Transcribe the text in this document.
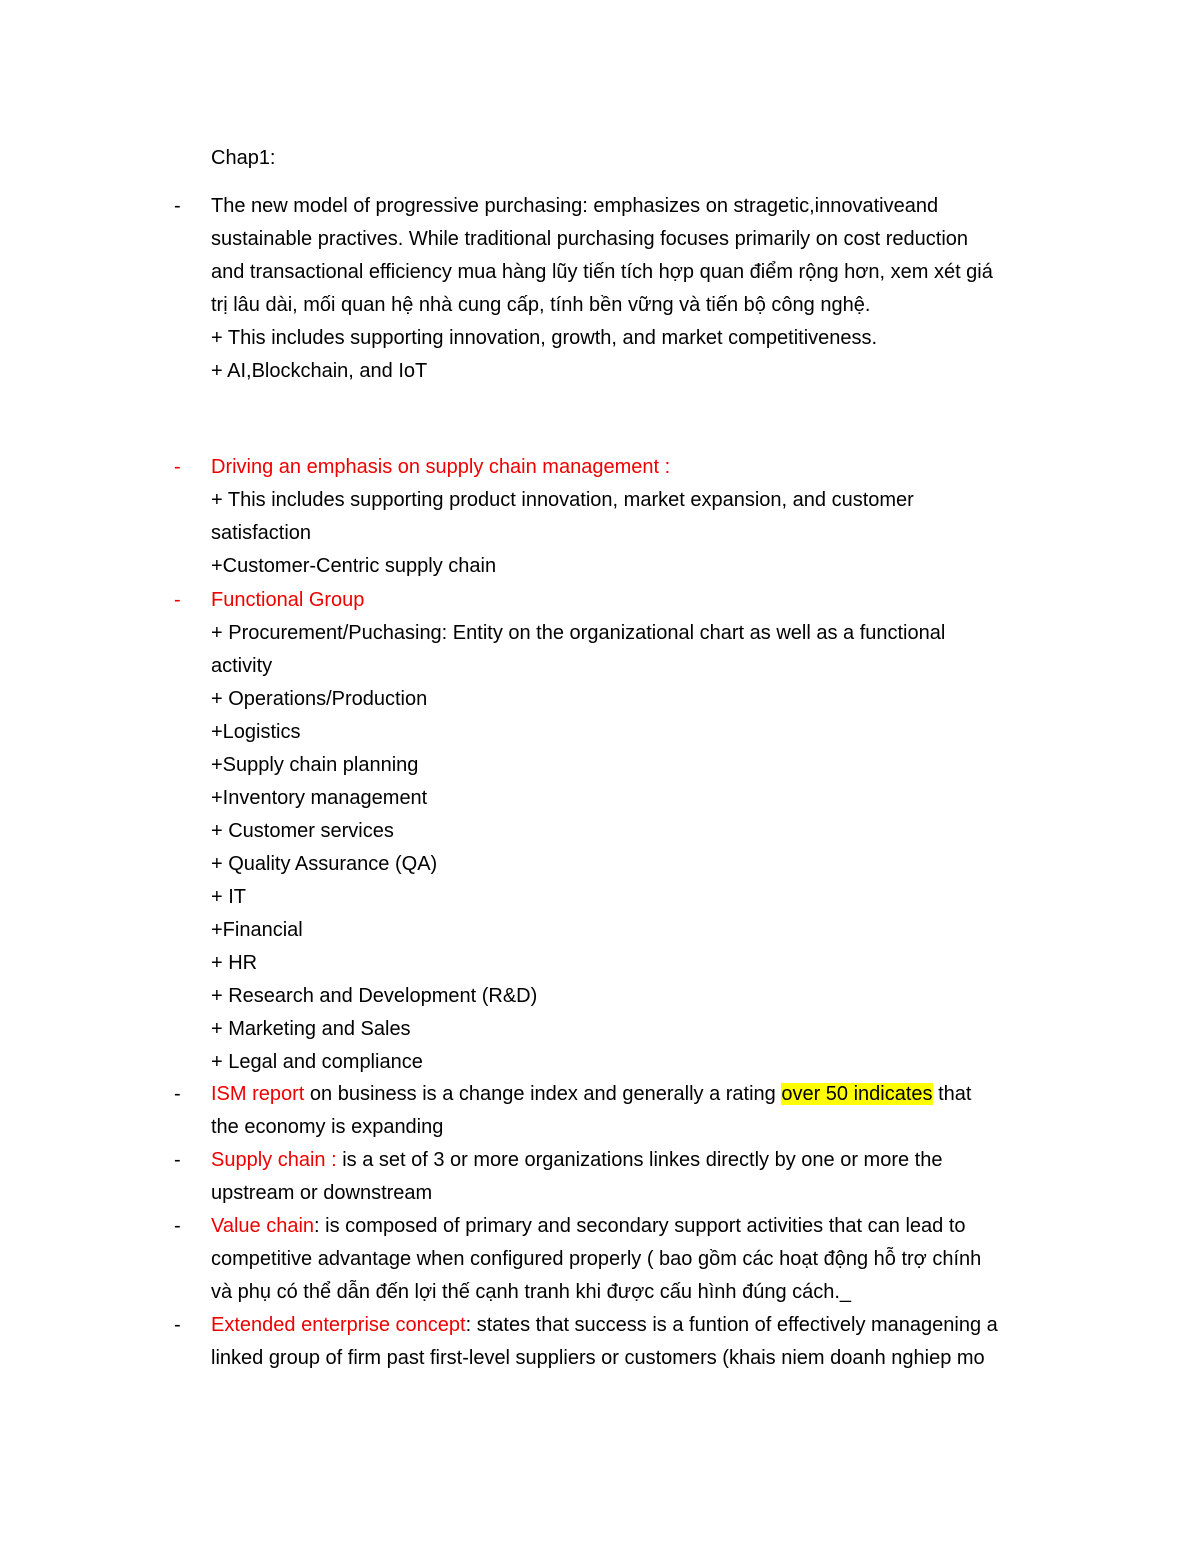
Chap1:
- The new model of progressive purchasing: emphasizes on stragetic,innovativeand
sustainable practives. While traditional purchasing focuses primarily on cost reduction
and transactional efficiency mua hàng lũy tiến tích hợp quan điểm rộng hơn, xem xét giá
trị lâu dài, mối quan hệ nhà cung cấp, tính bền vững và tiến bộ công nghệ.
+ This includes supporting innovation, growth, and market competitiveness.
+ AI,Blockchain, and IoT
- Driving an emphasis on supply chain management :
+ This includes supporting product innovation, market expansion, and customer
satisfaction
+Customer-Centric supply chain
- Functional Group
+ Procurement/Puchasing: Entity on the organizational chart as well as a functional
activity
+ Operations/Production
+Logistics
+Supply chain planning
+Inventory management
+ Customer services
+ Quality Assurance (QA)
+ IT
+Financial
+ HR
+ Research and Development (R&D)
+ Marketing and Sales
+ Legal and compliance
- ISM report on business is a change index and generally a rating over 50 indicates that
the economy is expanding
- Supply chain : is a set of 3 or more organizations linkes directly by one or more the
upstream or downstream
- Value chain: is composed of primary and secondary support activities that can lead to
competitive advantage when configured properly ( bao gồm các hoạt động hỗ trợ chính
và phụ có thể dẫn đến lợi thế cạnh tranh khi được cấu hình đúng cách._
- Extended enterprise concept: states that success is a funtion of effectively managening a
linked group of firm past first-level suppliers or customers (khais niem doanh nghiep mo
